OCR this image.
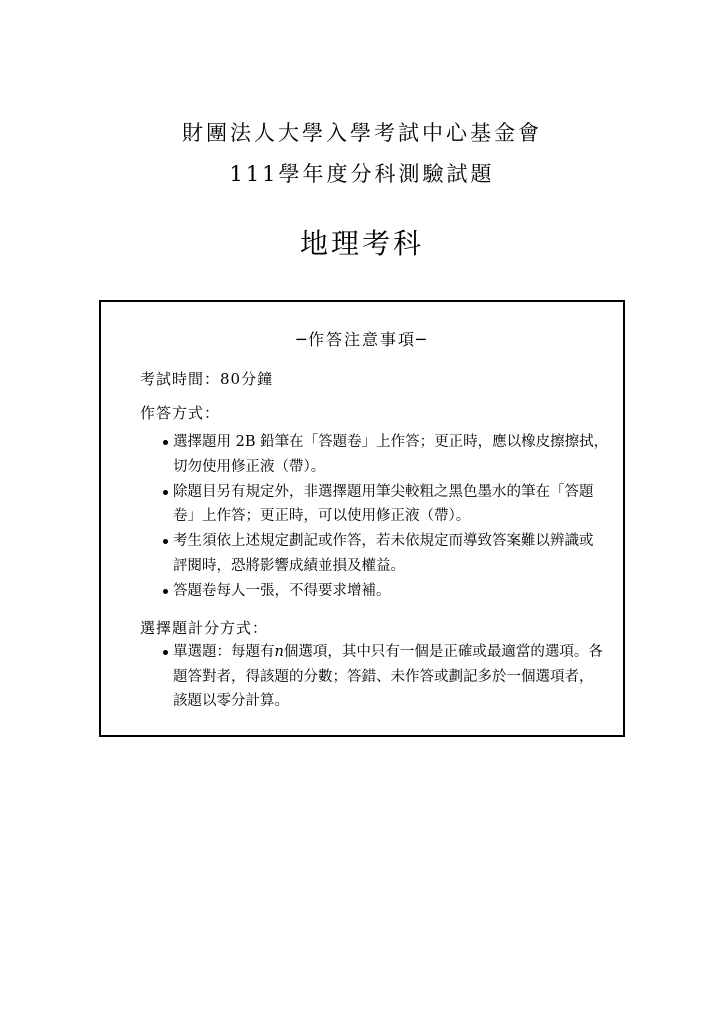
財團法人大學入學考試中心基金會
111學年度分科測驗試題
地理考科
─作答注意事項─
考試時間：80分鐘
作答方式：
選擇題用 2B 鉛筆在「答題卷」上作答；更正時，應以橡皮擦擦拭，
切勿使用修正液（帶）。
除題目另有規定外，非選擇題用筆尖較粗之黑色墨水的筆在「答題
卷」上作答；更正時，可以使用修正液（帶）。
考生須依上述規定劃記或作答，若未依規定而導致答案難以辨識或
評閱時，恐將影響成績並損及權益。
答題卷每人一張，不得要求增補。
選擇題計分方式：
單選題：每題有n個選項，其中只有一個是正確或最適當的選項。各
題答對者，得該題的分數；答錯、未作答或劃記多於一個選項者，
該題以零分計算。
